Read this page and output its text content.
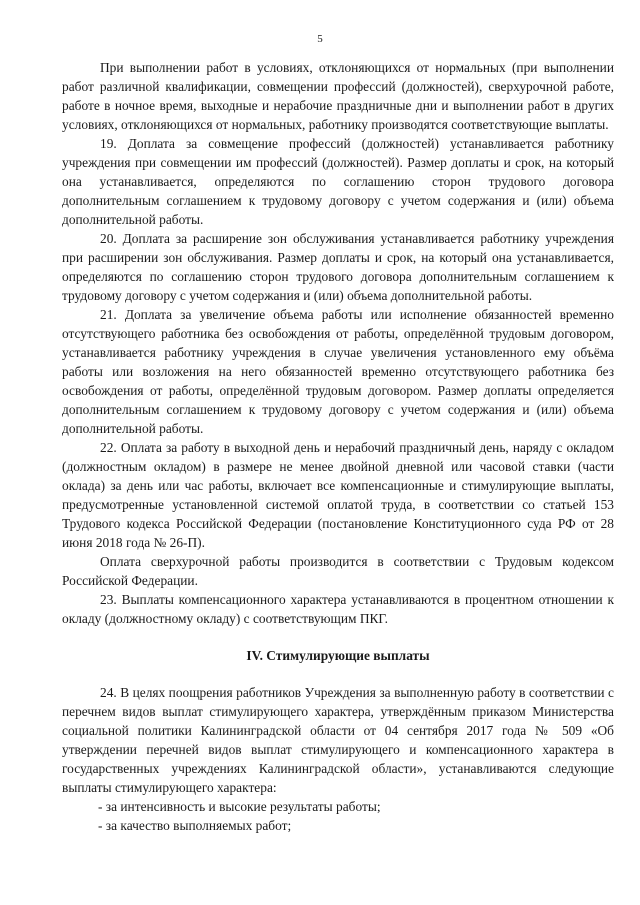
5

При выполнении работ в условиях, отклоняющихся от нормальных (при выполнении работ различной квалификации, совмещении профессий (должностей), сверхурочной работе, работе в ночное время, выходные и нерабочие праздничные дни и выполнении работ в других условиях, отклоняющихся от нормальных, работнику производятся соответствующие выплаты.

19. Доплата за совмещение профессий (должностей) устанавливается работнику учреждения при совмещении им профессий (должностей). Размер доплаты и срок, на который она устанавливается, определяются по соглашению сторон трудового договора дополнительным соглашением к трудовому договору с учетом содержания и (или) объема дополнительной работы.

20. Доплата за расширение зон обслуживания устанавливается работнику учреждения при расширении зон обслуживания. Размер доплаты и срок, на который она устанавливается, определяются по соглашению сторон трудового договора дополнительным соглашением к трудовому договору с учетом содержания и (или) объема дополнительной работы.

21. Доплата за увеличение объема работы или исполнение обязанностей временно отсутствующего работника без освобождения от работы, определённой трудовым договором, устанавливается работнику учреждения в случае увеличения установленного ему объёма работы или возложения на него обязанностей временно отсутствующего работника без освобождения от работы, определённой трудовым договором. Размер доплаты определяется дополнительным соглашением к трудовому договору с учетом содержания и (или) объема дополнительной работы.

22. Оплата за работу в выходной день и нерабочий праздничный день, наряду с окладом (должностным окладом) в размере не менее двойной дневной или часовой ставки (части оклада) за день или час работы, включает все компенсационные и стимулирующие выплаты, предусмотренные установленной системой оплатой труда, в соответствии со статьей 153 Трудового кодекса Российской Федерации (постановление Конституционного суда РФ от 28 июня 2018 года № 26-П).

Оплата сверхурочной работы производится в соответствии с Трудовым кодексом Российской Федерации.

23. Выплаты компенсационного характера устанавливаются в процентном отношении к окладу (должностному окладу) с соответствующим ПКГ.

IV. Стимулирующие выплаты

24. В целях поощрения работников Учреждения за выполненную работу в соответствии с перечнем видов выплат стимулирующего характера, утверждённым приказом Министерства социальной политики Калининградской области от 04 сентября 2017 года № 509 «Об утверждении перечней видов выплат стимулирующего и компенсационного характера в государственных учреждениях Калининградской области», устанавливаются следующие выплаты стимулирующего характера:

- за интенсивность и высокие результаты работы;

- за качество выполняемых работ;
